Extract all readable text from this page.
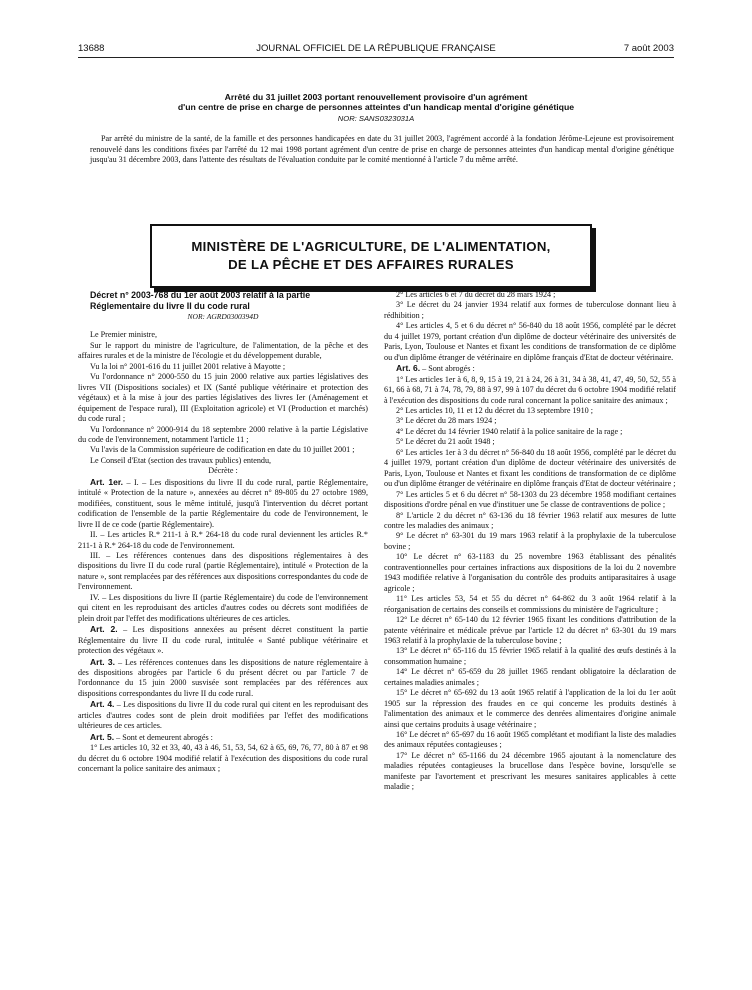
13688	JOURNAL OFFICIEL DE LA RÉPUBLIQUE FRANÇAISE	7 août 2003
Arrêté du 31 juillet 2003 portant renouvellement provisoire d'un agrément
d'un centre de prise en charge de personnes atteintes d'un handicap mental d'origine génétique
NOR: SANS0323031A

Par arrêté du ministre de la santé, de la famille et des personnes handicapées en date du 31 juillet 2003, l'agrément accordé à la fondation Jérôme-Lejeune est provisoirement renouvelé dans les conditions fixées par l'arrêté du 12 mai 1998 portant agrément d'un centre de prise en charge de personnes atteintes d'un handicap mental d'origine génétique jusqu'au 31 décembre 2003, dans l'attente des résultats de l'évaluation conduite par le comité mentionné à l'article 7 du même arrêté.

MINISTÈRE DE L'AGRICULTURE, DE L'ALIMENTATION,
DE LA PÊCHE ET DES AFFAIRES RURALES

Décret n° 2003-768 du 1er août 2003 relatif à la partie

Réglementaire du livre II du code rural

NOR: AGRD0300394D

Le Premier ministre,

Sur le rapport du ministre de l'agriculture, de l'alimentation, de la pêche et des affaires rurales et de la ministre de l'écologie et du développement durable,

Vu la loi n° 2001-616 du 11 juillet 2001 relative à Mayotte ;

Vu l'ordonnance n° 2000-550 du 15 juin 2000 relative aux parties législatives des livres VII (Dispositions sociales) et IX (Santé publique vétérinaire et protection des végétaux) et à la mise à jour des parties législatives des livres Ier (Aménagement et équipement de l'espace rural), III (Exploitation agricole) et VI (Production et marchés) du code rural ;

Vu l'ordonnance n° 2000-914 du 18 septembre 2000 relative à la partie Législative du code de l'environnement, notamment l'article 11 ;

Vu l'avis de la Commission supérieure de codification en date du 10 juillet 2001 ;

Le Conseil d'Etat (section des travaux publics) entendu,

Décrète :

Art. 1er. – I. – Les dispositions du livre II du code rural, partie Réglementaire, intitulé « Protection de la nature », annexées au décret n° 89-805 du 27 octobre 1989, modifiées, constituent, sous le même intitulé, jusqu'à l'intervention du décret portant codification de l'ensemble de la partie Réglementaire du code de l'environnement, le livre II de ce code (partie Réglementaire).

II. – Les articles R.* 211-1 à R.* 264-18 du code rural deviennent les articles R.* 211-1 à R.* 264-18 du code de l'environnement.

III. – Les références contenues dans des dispositions réglementaires à des dispositions du livre II du code rural (partie Réglementaire), intitulé « Protection de la nature », sont remplacées par des références aux dispositions correspondantes du code de l'environnement.

IV. – Les dispositions du livre II (partie Réglementaire) du code de l'environnement qui citent en les reproduisant des articles d'autres codes ou décrets sont modifiées de plein droit par l'effet des modifications ultérieures de ces articles.

Art. 2. – Les dispositions annexées au présent décret constituent la partie Réglementaire du livre II du code rural, intitulée « Santé publique vétérinaire et protection des végétaux ».

Art. 3. – Les références contenues dans les dispositions de nature réglementaire à des dispositions abrogées par l'article 6 du présent décret ou par l'article 7 de l'ordonnance du 15 juin 2000 susvisée sont remplacées par des références aux dispositions correspondantes du livre II du code rural.

Art. 4. – Les dispositions du livre II du code rural qui citent en les reproduisant des articles d'autres codes sont de plein droit modifiées par l'effet des modifications ultérieures de ces articles.

Art. 5. – Sont et demeurent abrogés :

1° Les articles 10, 32 et 33, 40, 43 à 46, 51, 53, 54, 62 à 65, 69, 76, 77, 80 à 87 et 98 du décret du 6 octobre 1904 modifié relatif à l'exécution des dispositions du code rural concernant la police sanitaire des animaux ;

2° Les articles 6 et 7 du décret du 28 mars 1924 ;

3° Le décret du 24 janvier 1934 relatif aux formes de tuberculose donnant lieu à rédhibition ;

4° Les articles 4, 5 et 6 du décret n° 56-840 du 18 août 1956, complété par le décret du 4 juillet 1979, portant création d'un diplôme de docteur vétérinaire des universités de Paris, Lyon, Toulouse et Nantes et fixant les conditions de transformation de ce diplôme ou d'un diplôme étranger de vétérinaire en diplôme français d'Etat de docteur vétérinaire.

Art. 6. – Sont abrogés :

1° Les articles 1er à 6, 8, 9, 15 à 19, 21 à 24, 26 à 31, 34 à 38, 41, 47, 49, 50, 52, 55 à 61, 66 à 68, 71 à 74, 78, 79, 88 à 97, 99 à 107 du décret du 6 octobre 1904 modifié relatif à l'exécution des dispositions du code rural concernant la police sanitaire des animaux ;

2° Les articles 10, 11 et 12 du décret du 13 septembre 1910 ;

3° Le décret du 28 mars 1924 ;

4° Le décret du 14 février 1940 relatif à la police sanitaire de la rage ;

5° Le décret du 21 août 1948 ;

6° Les articles 1er à 3 du décret n° 56-840 du 18 août 1956, complété par le décret du 4 juillet 1979, portant création d'un diplôme de docteur vétérinaire des universités de Paris, Lyon, Toulouse et Nantes et fixant les conditions de transformation de ce diplôme ou d'un diplôme étranger de vétérinaire en diplôme français d'Etat de docteur vétérinaire ;

7° Les articles 5 et 6 du décret n° 58-1303 du 23 décembre 1958 modifiant certaines dispositions d'ordre pénal en vue d'instituer une 5e classe de contraventions de police ;

8° L'article 2 du décret n° 63-136 du 18 février 1963 relatif aux mesures de lutte contre les maladies des animaux ;

9° Le décret n° 63-301 du 19 mars 1963 relatif à la prophylaxie de la tuberculose bovine ;

10° Le décret n° 63-1183 du 25 novembre 1963 établissant des pénalités contraventionnelles pour certaines infractions aux dispositions de la loi du 2 novembre 1943 modifiée relative à l'organisation du contrôle des produits antiparasitaires à usage agricole ;

11° Les articles 53, 54 et 55 du décret n° 64-862 du 3 août 1964 relatif à la réorganisation de certains des conseils et commissions du ministère de l'agriculture ;

12° Le décret n° 65-140 du 12 février 1965 fixant les conditions d'attribution de la patente vétérinaire et médicale prévue par l'article 12 du décret n° 63-301 du 19 mars 1963 relatif à la prophylaxie de la tuberculose bovine ;

13° Le décret n° 65-116 du 15 février 1965 relatif à la qualité des œufs destinés à la consommation humaine ;

14° Le décret n° 65-659 du 28 juillet 1965 rendant obligatoire la déclaration de certaines maladies animales ;

15° Le décret n° 65-692 du 13 août 1965 relatif à l'application de la loi du 1er août 1905 sur la répression des fraudes en ce qui concerne les produits destinés à l'alimentation des animaux et le commerce des denrées alimentaires d'origine animale ainsi que certains produits à usage vétérinaire ;

16° Le décret n° 65-697 du 16 août 1965 complétant et modifiant la liste des maladies des animaux réputées contagieuses ;

17° Le décret n° 65-1166 du 24 décembre 1965 ajoutant à la nomenclature des maladies réputées contagieuses la brucellose dans l'espèce bovine, lorsqu'elle se manifeste par l'avortement et prescrivant les mesures sanitaires applicables à cette maladie ;
